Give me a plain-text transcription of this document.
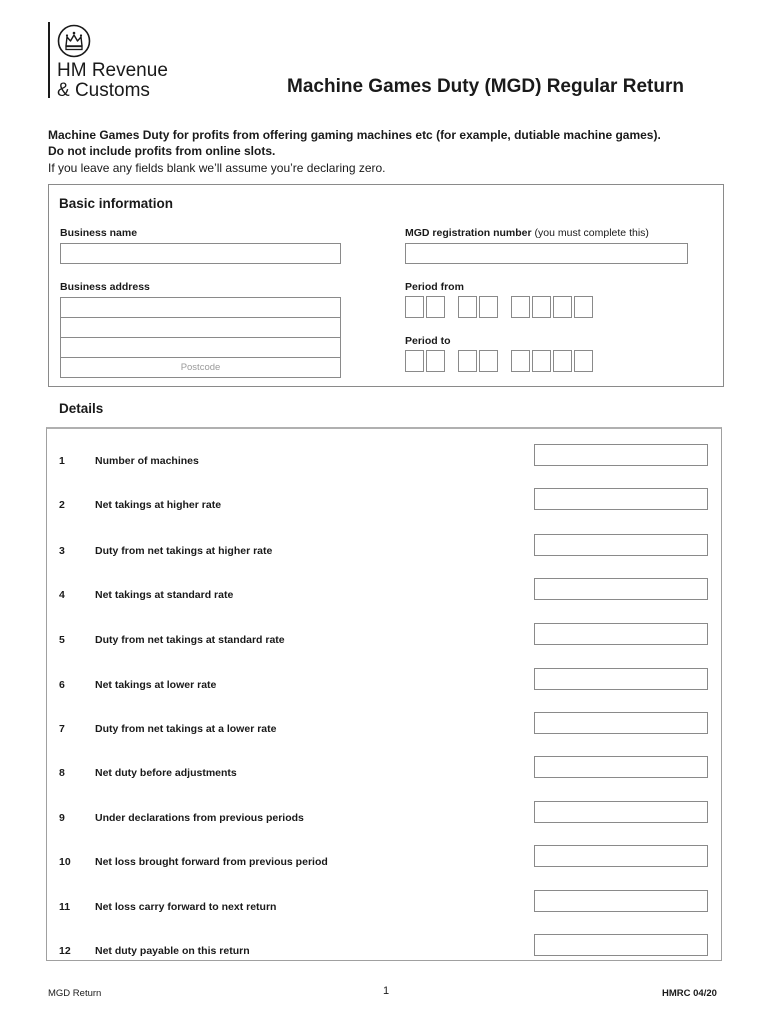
HM Revenue
& Customs	Machine Games Duty (MGD) Regular Return
Machine Games Duty for profits from offering gaming machines etc (for example, dutiable machine games).
Do not include profits from online slots.
If you leave any fields blank we’ll assume you’re declaring zero.
Basic information
Business name	MGD registration number (you must complete this)
Business address
Postcode
Period from
Period to
Details
1	Number of machines
2	Net takings at higher rate
3	Duty from net takings at higher rate
4	Net takings at standard rate
5	Duty from net takings at standard rate
6	Net takings at lower rate
7	Duty from net takings at a lower rate
8	Net duty before adjustments
9	Under declarations from previous periods
10	Net loss brought forward from previous period
11	Net loss carry forward to next return
12	Net duty payable on this return
MGD Return	1	HMRC 04/20
